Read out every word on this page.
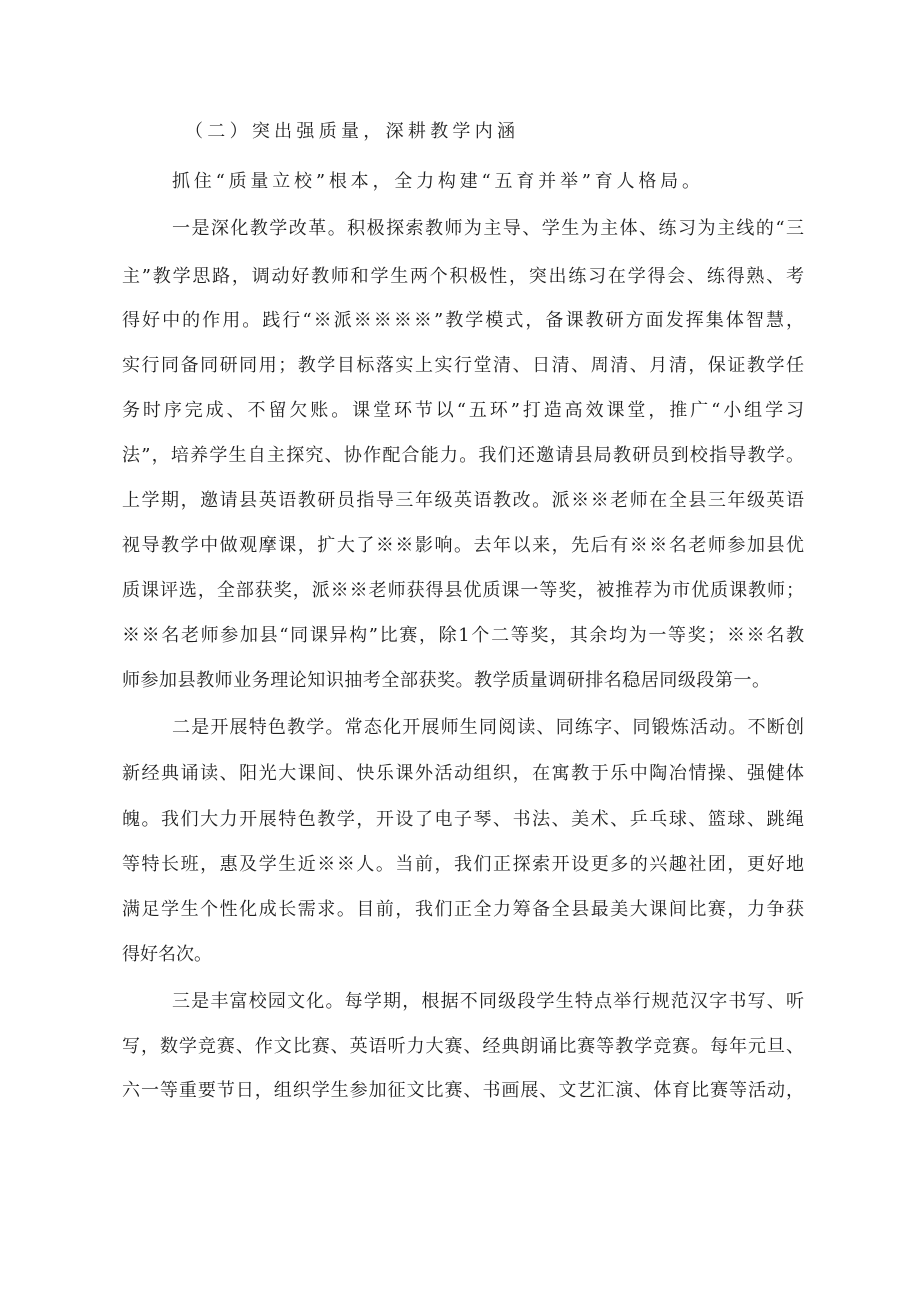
（二）突出强质量，深耕教学内涵
抓住“质量立校”根本，全力构建“五育并举”育人格局。
一是深化教学改革。积极探索教师为主导、学生为主体、练习为主线的“三
主”教学思路，调动好教师和学生两个积极性，突出练习在学得会、练得熟、考
得好中的作用。践行“※派※※※※”教学模式，备课教研方面发挥集体智慧，
实行同备同研同用；教学目标落实上实行堂清、日清、周清、月清，保证教学任
务时序完成、不留欠账。课堂环节以“五环”打造高效课堂，推广“小组学习
法”，培养学生自主探究、协作配合能力。我们还邀请县局教研员到校指导教学。
上学期，邀请县英语教研员指导三年级英语教改。派※※老师在全县三年级英语
视导教学中做观摩课，扩大了※※影响。去年以来，先后有※※名老师参加县优
质课评选，全部获奖，派※※老师获得县优质课一等奖，被推荐为市优质课教师；
※※名老师参加县“同课异构”比赛，除1个二等奖，其余均为一等奖；※※名教
师参加县教师业务理论知识抽考全部获奖。教学质量调研排名稳居同级段第一。
二是开展特色教学。常态化开展师生同阅读、同练字、同锻炼活动。不断创
新经典诵读、阳光大课间、快乐课外活动组织，在寓教于乐中陶冶情操、强健体
魄。我们大力开展特色教学，开设了电子琴、书法、美术、乒乓球、篮球、跳绳
等特长班，惠及学生近※※人。当前，我们正探索开设更多的兴趣社团，更好地
满足学生个性化成长需求。目前，我们正全力筹备全县最美大课间比赛，力争获
得好名次。
三是丰富校园文化。每学期，根据不同级段学生特点举行规范汉字书写、听
写，数学竞赛、作文比赛、英语听力大赛、经典朗诵比赛等教学竞赛。每年元旦、
六一等重要节日，组织学生参加征文比赛、书画展、文艺汇演、体育比赛等活动，
